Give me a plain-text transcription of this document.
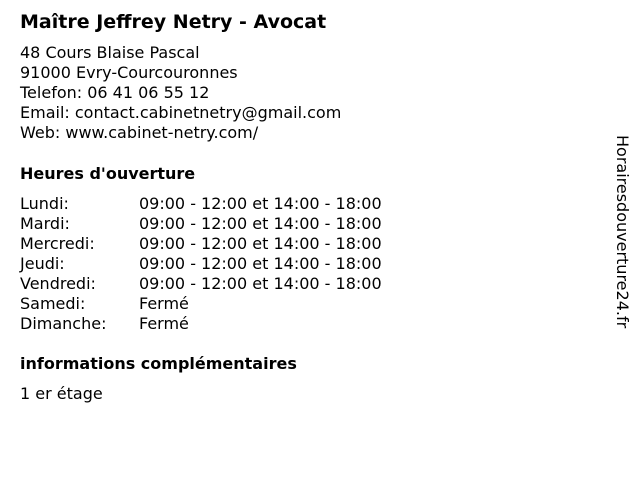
Maître Jeffrey Netry - Avocat
48 Cours Blaise Pascal
91000 Evry-Courcouronnes
Telefon: 06 41 06 55 12
Email: contact.cabinetnetry@gmail.com
Web: www.cabinet-netry.com/
Heures d'ouverture
Lundi:	09:00 - 12:00 et 14:00 - 18:00
Mardi:	09:00 - 12:00 et 14:00 - 18:00
Mercredi:	09:00 - 12:00 et 14:00 - 18:00
Jeudi:	09:00 - 12:00 et 14:00 - 18:00
Vendredi:	09:00 - 12:00 et 14:00 - 18:00
Samedi:	Fermé
Dimanche:	Fermé
informations complémentaires
1 er étage
Horairesdouverture24.fr
